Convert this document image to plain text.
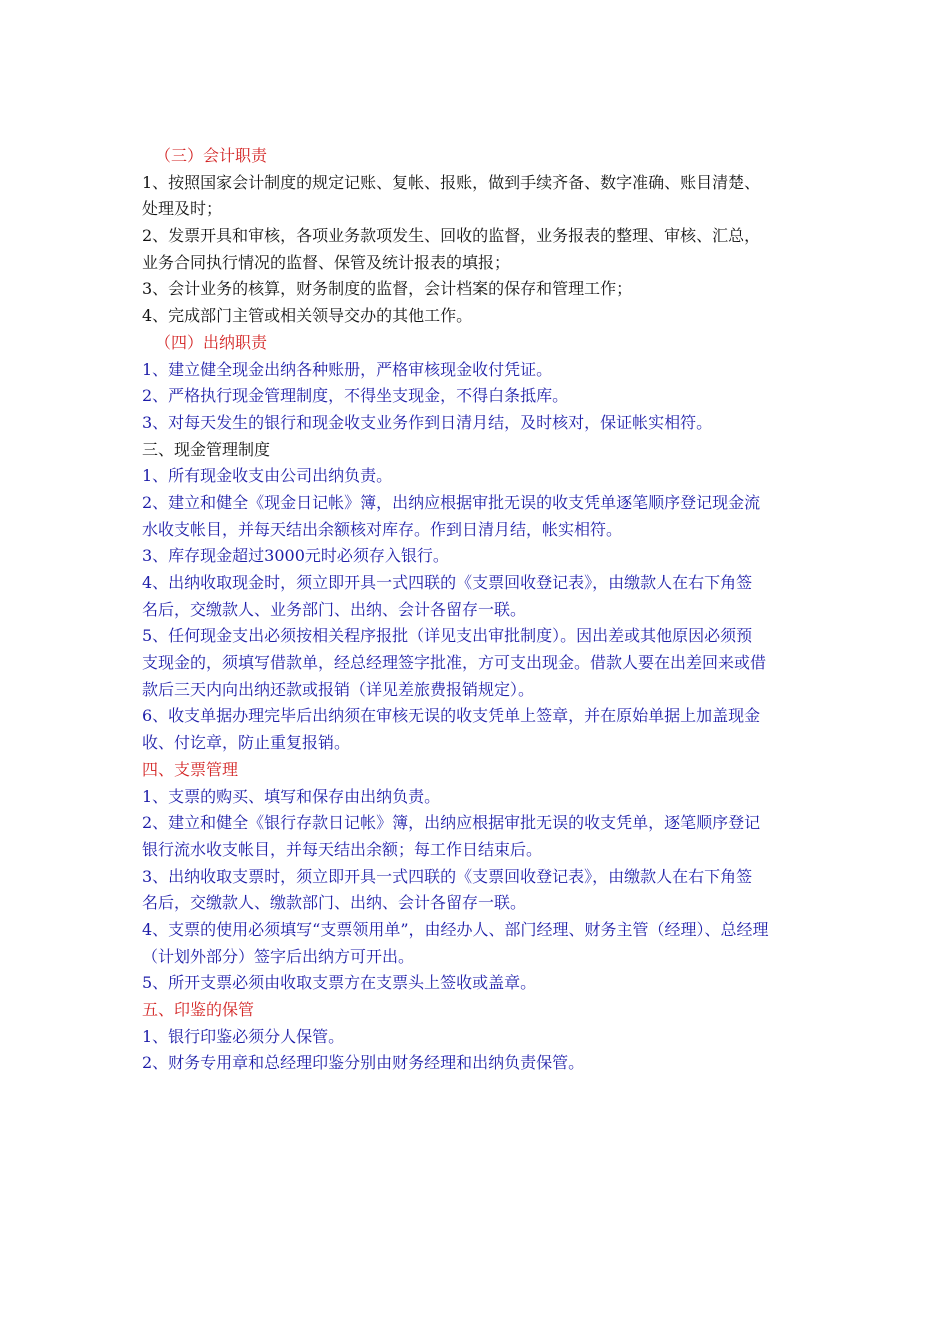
（三）会计职责
1、按照国家会计制度的规定记账、复帐、报账，做到手续齐备、数字准确、账目清楚、
处理及时；
2、发票开具和审核，各项业务款项发生、回收的监督，业务报表的整理、审核、汇总，
业务合同执行情况的监督、保管及统计报表的填报；
3、会计业务的核算，财务制度的监督，会计档案的保存和管理工作；
4、完成部门主管或相关领导交办的其他工作。
（四）出纳职责
1、建立健全现金出纳各种账册，严格审核现金收付凭证。
2、严格执行现金管理制度，不得坐支现金，不得白条抵库。
3、对每天发生的银行和现金收支业务作到日清月结，及时核对，保证帐实相符。
三、现金管理制度
1、所有现金收支由公司出纳负责。
2、建立和健全《现金日记帐》簿，出纳应根据审批无误的收支凭单逐笔顺序登记现金流
水收支帐目，并每天结出余额核对库存。作到日清月结，帐实相符。
3、库存现金超过3000元时必须存入银行。
4、出纳收取现金时，须立即开具一式四联的《支票回收登记表》，由缴款人在右下角签
名后，交缴款人、业务部门、出纳、会计各留存一联。
5、任何现金支出必须按相关程序报批（详见支出审批制度）。因出差或其他原因必须预
支现金的，须填写借款单，经总经理签字批准，方可支出现金。借款人要在出差回来或借
款后三天内向出纳还款或报销（详见差旅费报销规定）。
6、收支单据办理完毕后出纳须在审核无误的收支凭单上签章，并在原始单据上加盖现金
收、付讫章，防止重复报销。
四、支票管理
1、支票的购买、填写和保存由出纳负责。
2、建立和健全《银行存款日记帐》簿，出纳应根据审批无误的收支凭单，逐笔顺序登记
银行流水收支帐目，并每天结出余额；每工作日结束后。
3、出纳收取支票时，须立即开具一式四联的《支票回收登记表》，由缴款人在右下角签
名后，交缴款人、缴款部门、出纳、会计各留存一联。
4、支票的使用必须填写“支票领用单”，由经办人、部门经理、财务主管（经理）、总经理
（计划外部分）签字后出纳方可开出。
5、所开支票必须由收取支票方在支票头上签收或盖章。
五、印鉴的保管
1、银行印鉴必须分人保管。
2、财务专用章和总经理印鉴分别由财务经理和出纳负责保管。
